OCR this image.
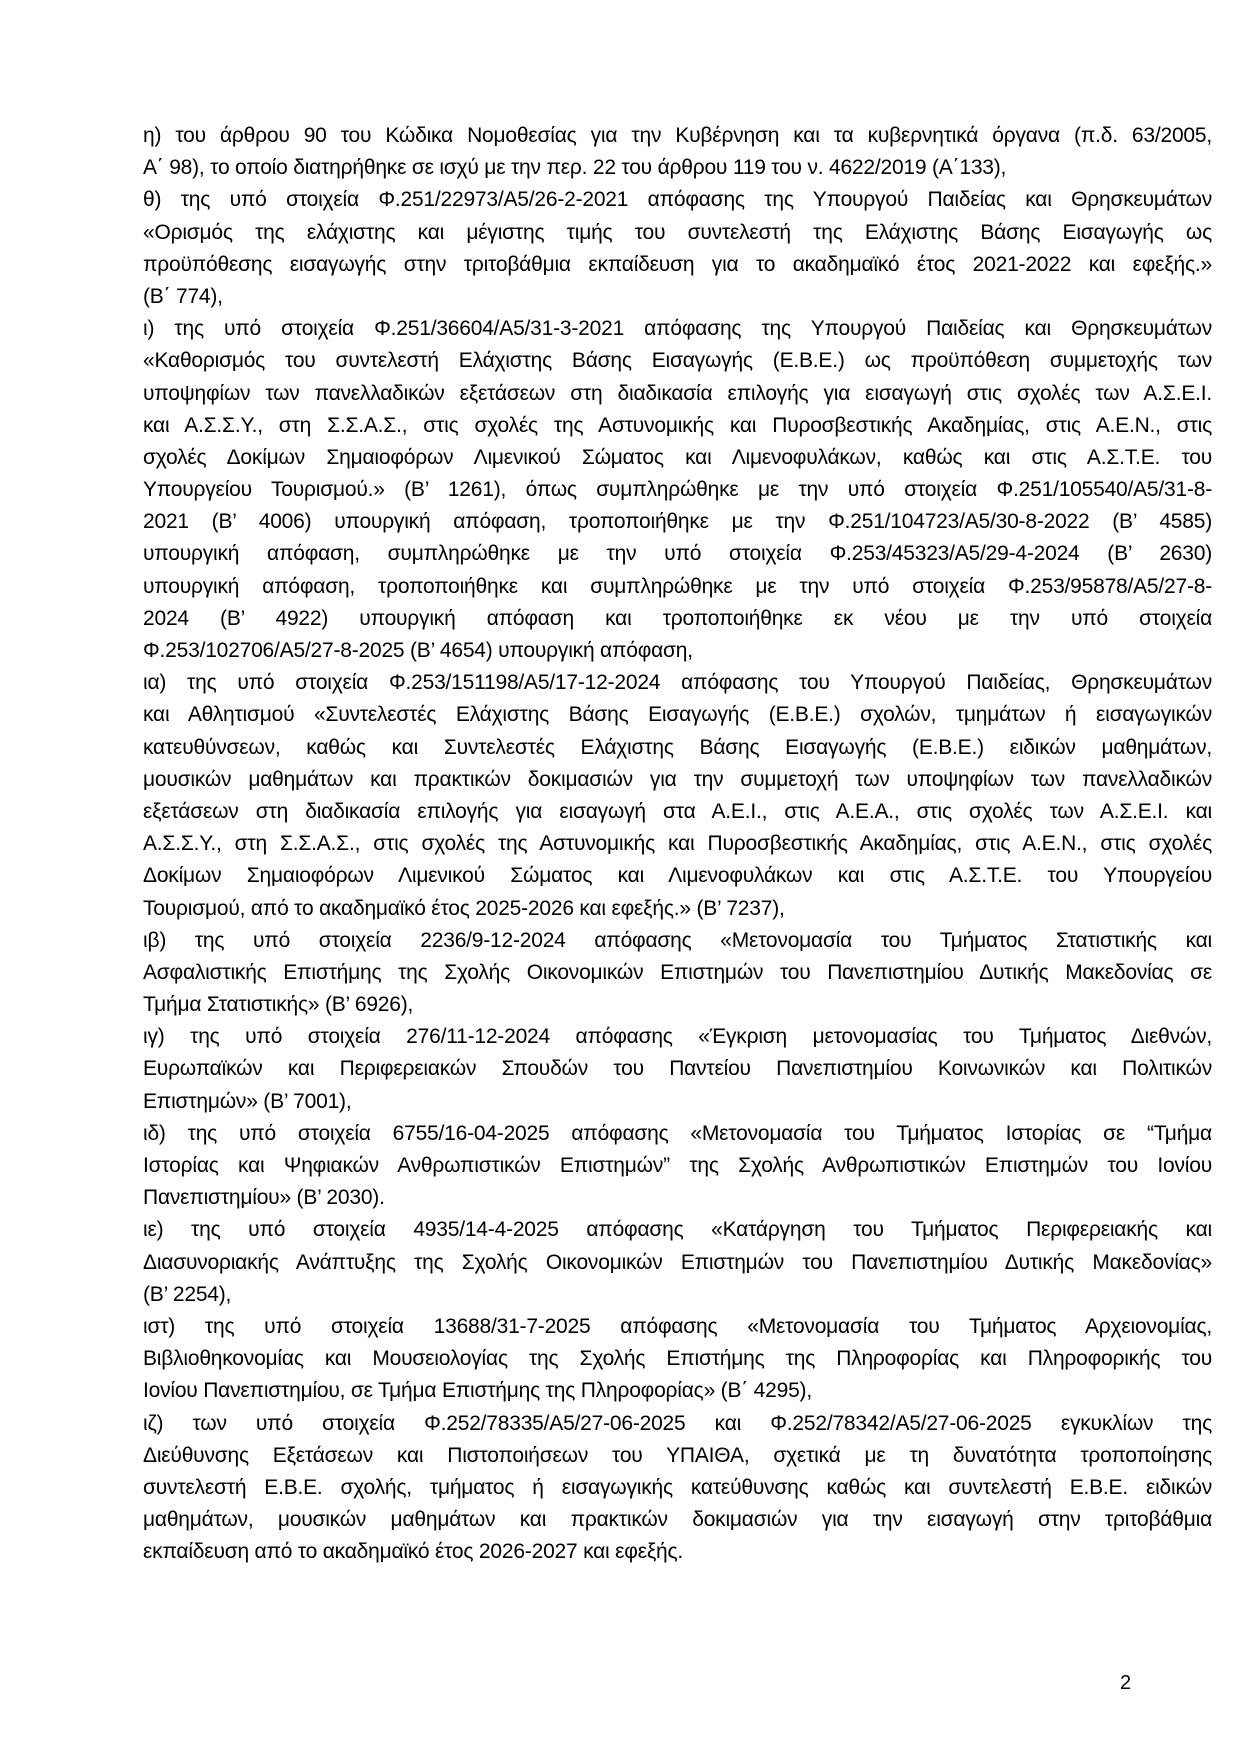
η) του άρθρου 90 του Κώδικα Νομοθεσίας για την Κυβέρνηση και τα κυβερνητικά όργανα (π.δ. 63/2005,
Α΄ 98), το οποίο διατηρήθηκε σε ισχύ με την περ. 22 του άρθρου 119 του ν. 4622/2019 (Α΄133),
θ) της υπό στοιχεία Φ.251/22973/Α5/26-2-2021 απόφασης της Υπουργού Παιδείας και Θρησκευμάτων
«Ορισμός της ελάχιστης και μέγιστης τιμής του συντελεστή της Ελάχιστης Βάσης Εισαγωγής ως
προϋπόθεσης εισαγωγής στην τριτοβάθμια εκπαίδευση για το ακαδημαϊκό έτος 2021-2022 και εφεξής.»
(Β΄ 774),
ι) της υπό στοιχεία Φ.251/36604/Α5/31-3-2021 απόφασης της Υπουργού Παιδείας και Θρησκευμάτων
«Καθορισμός του συντελεστή Ελάχιστης Βάσης Εισαγωγής (Ε.Β.Ε.) ως προϋπόθεση συμμετοχής των
υποψηφίων των πανελλαδικών εξετάσεων στη διαδικασία επιλογής για εισαγωγή στις σχολές των Α.Σ.Ε.Ι.
και Α.Σ.Σ.Υ., στη Σ.Σ.Α.Σ., στις σχολές της Αστυνομικής και Πυροσβεστικής Ακαδημίας, στις Α.Ε.Ν., στις
σχολές Δοκίμων Σημαιοφόρων Λιμενικού Σώματος και Λιμενοφυλάκων, καθώς και στις Α.Σ.Τ.Ε. του
Υπουργείου Τουρισμού.» (Β’ 1261), όπως συμπληρώθηκε με την υπό στοιχεία Φ.251/105540/Α5/31-8-
2021 (Β’ 4006) υπουργική απόφαση, τροποποιήθηκε με την Φ.251/104723/Α5/30-8-2022 (Β’ 4585)
υπουργική απόφαση, συμπληρώθηκε με την υπό στοιχεία Φ.253/45323/Α5/29-4-2024 (Β’ 2630)
υπουργική απόφαση, τροποποιήθηκε και συμπληρώθηκε με την υπό στοιχεία Φ.253/95878/Α5/27-8-
2024 (Β’ 4922) υπουργική απόφαση και τροποποιήθηκε εκ νέου με την υπό στοιχεία
Φ.253/102706/Α5/27-8-2025 (Β’ 4654) υπουργική απόφαση,
ια) της υπό στοιχεία Φ.253/151198/Α5/17-12-2024 απόφασης του Υπουργού Παιδείας, Θρησκευμάτων
και Αθλητισμού «Συντελεστές Ελάχιστης Βάσης Εισαγωγής (Ε.Β.Ε.) σχολών, τμημάτων ή εισαγωγικών
κατευθύνσεων, καθώς και Συντελεστές Ελάχιστης Βάσης Εισαγωγής (Ε.Β.Ε.) ειδικών μαθημάτων,
μουσικών μαθημάτων και πρακτικών δοκιμασιών για την συμμετοχή των υποψηφίων των πανελλαδικών
εξετάσεων στη διαδικασία επιλογής για εισαγωγή στα Α.Ε.Ι., στις Α.Ε.Α., στις σχολές των Α.Σ.Ε.Ι. και
Α.Σ.Σ.Υ., στη Σ.Σ.Α.Σ., στις σχολές της Αστυνομικής και Πυροσβεστικής Ακαδημίας, στις Α.Ε.Ν., στις σχολές
Δοκίμων Σημαιοφόρων Λιμενικού Σώματος και Λιμενοφυλάκων και στις Α.Σ.Τ.Ε. του Υπουργείου
Τουρισμού, από το ακαδημαϊκό έτος 2025-2026 και εφεξής.» (Β’ 7237),
ιβ) της υπό στοιχεία 2236/9-12-2024 απόφασης «Μετονομασία του Τμήματος Στατιστικής και
Ασφαλιστικής Επιστήμης της Σχολής Οικονομικών Επιστημών του Πανεπιστημίου Δυτικής Μακεδονίας σε
Τμήμα Στατιστικής» (Β’ 6926),
ιγ) της υπό στοιχεία 276/11-12-2024 απόφασης «Έγκριση μετονομασίας του Τμήματος Διεθνών,
Ευρωπαϊκών και Περιφερειακών Σπουδών του Παντείου Πανεπιστημίου Κοινωνικών και Πολιτικών
Επιστημών» (Β’ 7001),
ιδ) της υπό στοιχεία 6755/16-04-2025 απόφασης «Μετονομασία του Τμήματος Ιστορίας σε “Τμήμα
Ιστορίας και Ψηφιακών Ανθρωπιστικών Επιστημών” της Σχολής Ανθρωπιστικών Επιστημών του Ιονίου
Πανεπιστημίου» (Β’ 2030).
ιε) της υπό στοιχεία 4935/14-4-2025 απόφασης «Κατάργηση του Τμήματος Περιφερειακής και
Διασυνοριακής Ανάπτυξης της Σχολής Οικονομικών Επιστημών του Πανεπιστημίου Δυτικής Μακεδονίας»
(Β’ 2254),
ιστ) της υπό στοιχεία 13688/31-7-2025 απόφασης «Μετονομασία του Τμήματος Αρχειονομίας,
Βιβλιοθηκονομίας και Μουσειολογίας της Σχολής Επιστήμης της Πληροφορίας και Πληροφορικής του
Ιονίου Πανεπιστημίου, σε Τμήμα Επιστήμης της Πληροφορίας» (Β΄ 4295),
ιζ) των υπό στοιχεία Φ.252/78335/Α5/27-06-2025 και Φ.252/78342/Α5/27-06-2025 εγκυκλίων της
Διεύθυνσης Εξετάσεων και Πιστοποιήσεων του ΥΠΑΙΘΑ, σχετικά με τη δυνατότητα τροποποίησης
συντελεστή Ε.Β.Ε. σχολής, τμήματος ή εισαγωγικής κατεύθυνσης καθώς και συντελεστή Ε.Β.Ε. ειδικών
μαθημάτων, μουσικών μαθημάτων και πρακτικών δοκιμασιών για την εισαγωγή στην τριτοβάθμια
εκπαίδευση από το ακαδημαϊκό έτος 2026-2027 και εφεξής.
2
